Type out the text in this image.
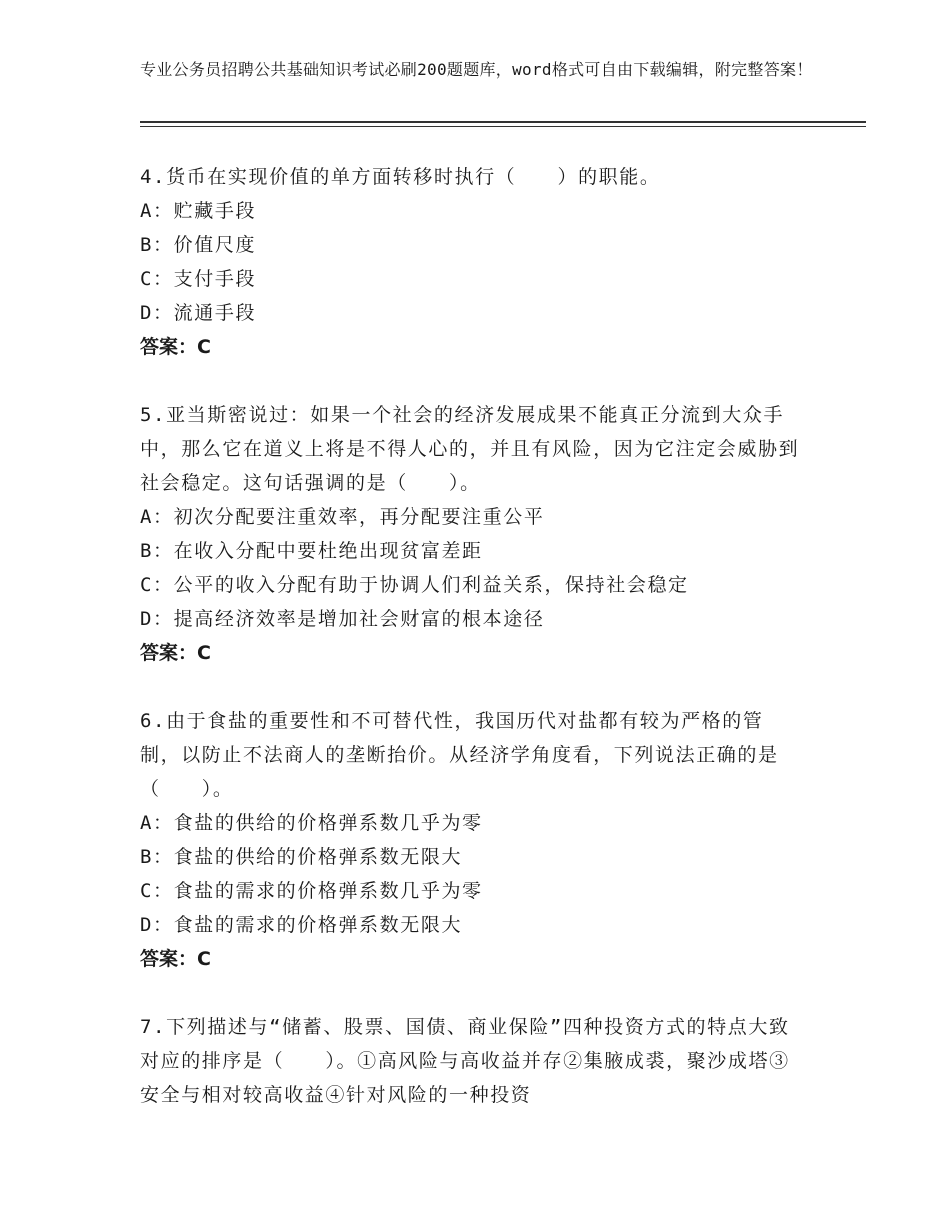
专业公务员招聘公共基础知识考试必刷200题题库，word格式可自由下载编辑，附完整答案！

4.货币在实现价值的单方面转移时执行（　　）的职能。

A：贮藏手段

B：价值尺度

C：支付手段

D：流通手段

答案：C

5.亚当斯密说过：如果一个社会的经济发展成果不能真正分流到大众手中，那么它在道义上将是不得人心的，并且有风险，因为它注定会威胁到社会稳定。这句话强调的是（　　）。

A：初次分配要注重效率，再分配要注重公平

B：在收入分配中要杜绝出现贫富差距

C：公平的收入分配有助于协调人们利益关系，保持社会稳定

D：提高经济效率是增加社会财富的根本途径

答案：C

6.由于食盐的重要性和不可替代性，我国历代对盐都有较为严格的管制，以防止不法商人的垄断抬价。从经济学角度看，下列说法正确的是（　　）。

A：食盐的供给的价格弹系数几乎为零

B：食盐的供给的价格弹系数无限大

C：食盐的需求的价格弹系数几乎为零

D：食盐的需求的价格弹系数无限大

答案：C

7.下列描述与“储蓄、股票、国债、商业保险”四种投资方式的特点大致对应的排序是（　　）。①高风险与高收益并存②集腋成裘，聚沙成塔③安全与相对较高收益④针对风险的一种投资
